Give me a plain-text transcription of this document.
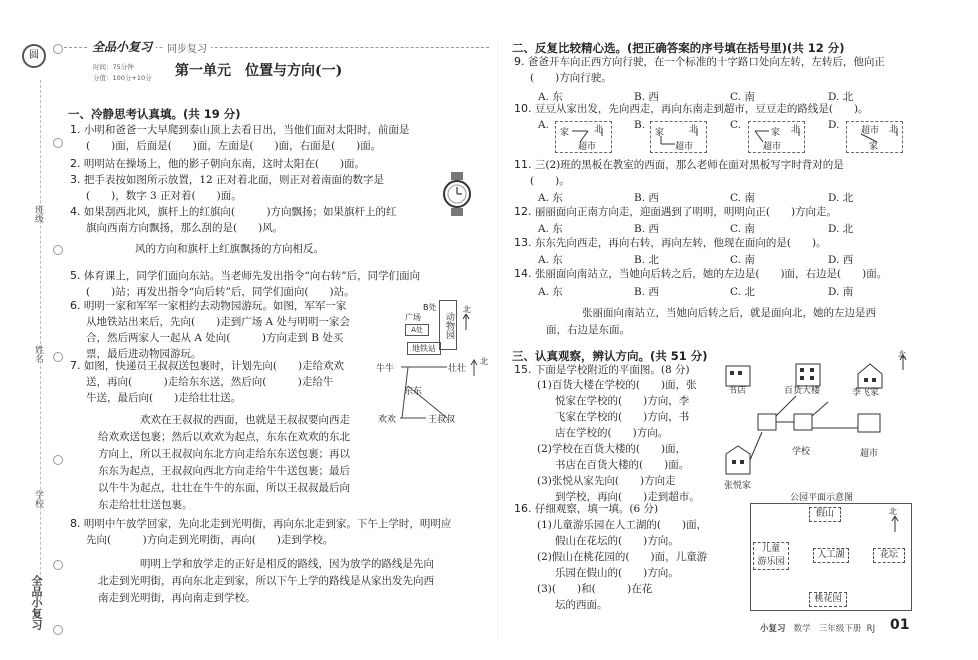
圆
班级
姓名
学校
全品小复习
全品小复习	同步复习
时间：75分钟
分值：100分+10分 第一单元　位置与方向(一)
一、冷静思考认真填。(共 19 分)
1. 小明和爸爸一大早爬到泰山顶上去看日出，当他们面对太阳时，前面是
(　　)面，后面是(　　)面，左面是(　　)面，右面是(　　)面。
2. 明明站在操场上，他的影子朝向东南，这时太阳在(　　)面。
3. 把手表按如图所示放置，12 正对着北面，则正对着南面的数字是
(　　)，数字 3 正对着(　　)面。
4. 如果刮西北风，旗杆上的红旗向(　　　)方向飘扬；如果旗杆上的红
旗向西南方向飘扬，那么刮的是(　　)风。
风的方向和旗杆上红旗飘扬的方向相反。
5. 体育课上，同学们面向东站。当老师先发出指令“向右转”后，同学们面向
(　　)站；再发出指令“向后转”后，同学们面向(　　)站。
6. 明明一家和军军一家相约去动物园游玩。如图，军军一家
从地铁站出来后，先向(　　)走到广场 A 处与明明一家会
合，然后两家人一起从 A 处向(　　　)方向走到 B 处买
票，最后进动物园游玩。
动物园
B处
广场
A处
地铁站
北
7. 如图，快递员王叔叔送包裹时，计划先向(　　)走给欢欢
送，再向(　　　)走给东东送，然后向(　　　)走给牛
牛送，最后向(　　)走给壮壮送。
牛牛	壮壮
北
东东
欢欢	王叔叔
欢欢在王叔叔的西面，也就是王叔叔要向西走
给欢欢送包裹；然后以欢欢为起点，东东在欢欢的东北
方向上，所以王叔叔向东北方向走给东东送包裹；再以
东东为起点，王叔叔向西北方向走给牛牛送包裹；最后
以牛牛为起点，壮壮在牛牛的东面，所以王叔叔最后向
东走给壮壮送包裹。
8. 明明中午放学回家，先向北走到光明街，再向东北走到家。下午上学时，明明应
先向(　　　)方向走到光明街，再向(　　)走到学校。
明明上学和放学走的正好是相反的路线，因为放学的路线是先向
北走到光明街，再向东北走到家，所以下午上学的路线是从家出发先向西
南走到光明街，再向南走到学校。
二、反复比较精心选。(把正确答案的序号填在括号里)(共 12 分)
9. 爸爸开车向正西方向行驶，在一个标准的十字路口处向左转，左转后，他向正
(　　)方向行驶。
A. 东	B. 西	C. 南	D. 北
10. 豆豆从家出发，先向西走，再向东南走到超市，豆豆走的路线是(　　)。
A.
家	北
超市
B.
家	北
超市
C.
家 北
超市
D. 超市 北
家
11. 三(2)班的黑板在教室的西面，那么老师在面对黑板写字时背对的是
(　　)。
A. 东	B. 西	C. 南	D. 北
12. 丽丽面向正南方向走，迎面遇到了明明，明明向正(　　)方向走。
A. 东	B. 西	C. 南	D. 北
13. 东东先向西走，再向右转，再向左转，他现在面向的是(　　)。
A. 东	B. 北	C. 南	D. 西
14. 张丽面向南站立，当她向后转之后，她的左边是(　　)面，右边是(　　)面。
A. 东	B. 西	C. 北	D. 南
张丽面向南站立，当她向后转之后，就是面向北，她的左边是西
面，右边是东面。
三、认真观察，辨认方向。(共 51 分)
15. 下面是学校附近的平面图。(8 分)
(1)百货大楼在学校的(　　)面，张
悦家在学校的(　　)方向，李
飞家在学校的(　　)方向，书
店在学校的(　　)方向。
(2)学校在百货大楼的(　　)面，
书店在百货大楼的(　　)面。
(3)张悦从家先向(　　)方向走
到学校，再向(　　)走到超市。
北
书店	百货大楼	李飞家
学校	超市
张悦家
16. 仔细观察，填一填。(6 分)
(1)儿童游乐园在人工湖的(　　)面，
假山在花坛的(　　)方向。
(2)假山在桃花园的(　　)面，儿童游
乐园在假山的(　　)方向。
(3)(　　)和(　　　)在花
坛的西面。
公园平面示意图
假山	北
儿童
游乐园
人工湖	花坛
桃花园
小复习 数学 三年级下册 RJ 01
